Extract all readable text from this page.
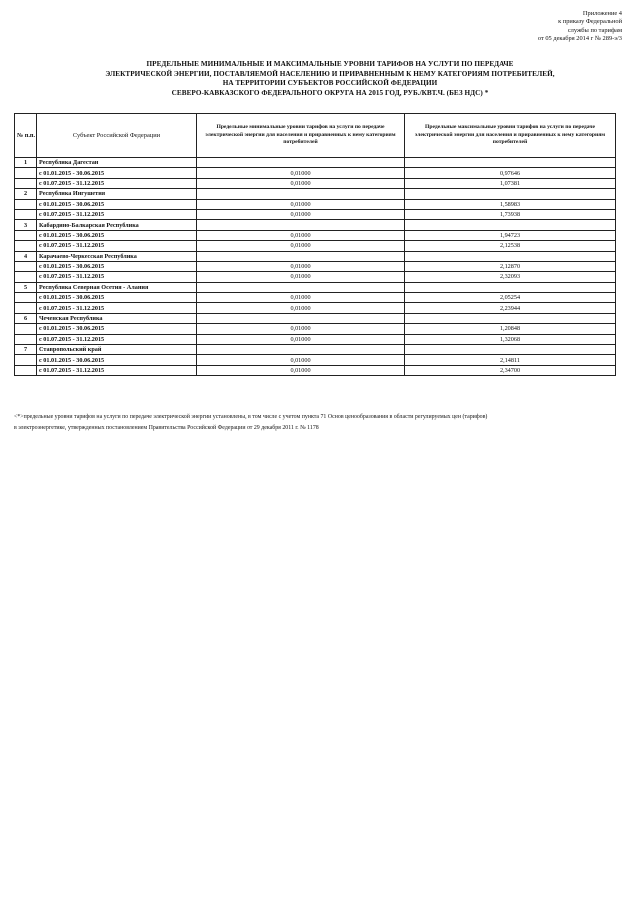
Приложение 4
к приказу Федеральной
службы по тарифам
от 05 декабря 2014 г № 289-э/3
ПРЕДЕЛЬНЫЕ МИНИМАЛЬНЫЕ И МАКСИМАЛЬНЫЕ УРОВНИ ТАРИФОВ НА УСЛУГИ ПО ПЕРЕДАЧЕ
ЭЛЕКТРИЧЕСКОЙ ЭНЕРГИИ, ПОСТАВЛЯЕМОЙ НАСЕЛЕНИЮ И ПРИРАВНЕННЫМ К НЕМУ КАТЕГОРИЯМ ПОТРЕБИТЕЛЕЙ,
НА ТЕРРИТОРИИ СУБЪЕКТОВ РОССИЙСКОЙ ФЕДЕРАЦИИ
СЕВЕРО-КАВКАЗСКОГО ФЕДЕРАЛЬНОГО ОКРУГА НА 2015 ГОД, РУБ./КВТ.Ч. (БЕЗ НДС) *
№ п.п.	Субъект Российской Федерации	Предельные минимальные уровни тарифов на услуги по передаче электрической энергии для населения и приравненных к нему категориям потребителей	Предельные максимальные уровни тарифов на услуги по передаче электрической энергии для населения и приравненных к нему категориям потребителей
1	Республика Дагестан		
	с 01.01.2015 - 30.06.2015	0,01000	0,97646
	с 01.07.2015 - 31.12.2015	0,01000	1,07381
2	Республика Ингушетия		
	с 01.01.2015 - 30.06.2015	0,01000	1,58983
	с 01.07.2015 - 31.12.2015	0,01000	1,73938
3	Кабардино-Балкарская Республика		
	с 01.01.2015 - 30.06.2015	0,01000	1,94723
	с 01.07.2015 - 31.12.2015	0,01000	2,12538
4	Карачаево-Черкесская Республика		
	с 01.01.2015 - 30.06.2015	0,01000	2,12870
	с 01.07.2015 - 31.12.2015	0,01000	2,32093
5	Республика Северная Осетия - Алания		
	с 01.01.2015 - 30.06.2015	0,01000	2,05254
	с 01.07.2015 - 31.12.2015	0,01000	2,23944
6	Чеченская Республика		
	с 01.01.2015 - 30.06.2015	0,01000	1,20848
	с 01.07.2015 - 31.12.2015	0,01000	1,32068
7	Ставропольский край		
	с 01.01.2015 - 30.06.2015	0,01000	2,14811
	с 01.07.2015 - 31.12.2015	0,01000	2,34700
<*>предельные уровни тарифов на услуги по передаче электрической энергии установлены, в том числе с учетом пункта 71 Основ ценообразования в области регулируемых цен (тарифов)
в электроэнергетике, утвержденных постановлением Правительства Российской Федерации от 29 декабря 2011 г. № 1178
